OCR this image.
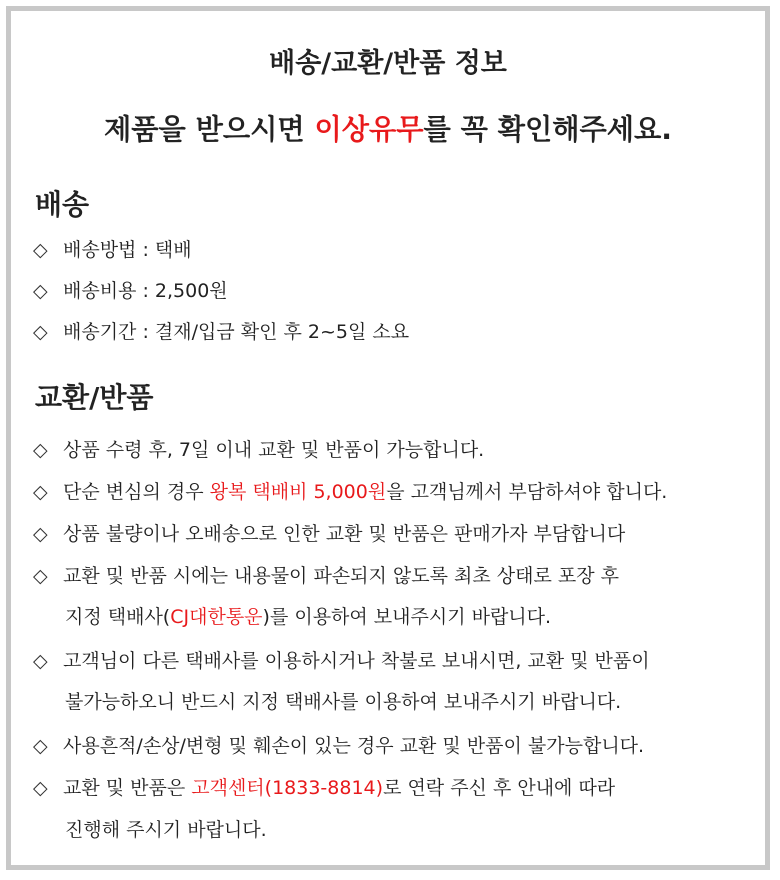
배송/교환/반품 정보
제품을 받으시면 이상유무를 꼭 확인해주세요.
배송
◇ 배송방법 : 택배
◇ 배송비용 : 2,500원
◇ 배송기간 : 결재/입금 확인 후 2~5일 소요
교환/반품
◇ 상품 수령 후, 7일 이내 교환 및 반품이 가능합니다.
◇ 단순 변심의 경우 왕복 택배비 5,000원을 고객님께서 부담하셔야 합니다.
◇ 상품 불량이나 오배송으로 인한 교환 및 반품은 판매가자 부담합니다
◇ 교환 및 반품 시에는 내용물이 파손되지 않도록 최초 상태로 포장 후
지정 택배사(CJ대한통운)를 이용하여 보내주시기 바랍니다.
◇ 고객님이 다른 택배사를 이용하시거나 착불로 보내시면, 교환 및 반품이
불가능하오니 반드시 지정 택배사를 이용하여 보내주시기 바랍니다.
◇ 사용흔적/손상/변형 및 훼손이 있는 경우 교환 및 반품이 불가능합니다.
◇ 교환 및 반품은 고객센터(1833-8814)로 연락 주신 후 안내에 따라
진행해 주시기 바랍니다.
